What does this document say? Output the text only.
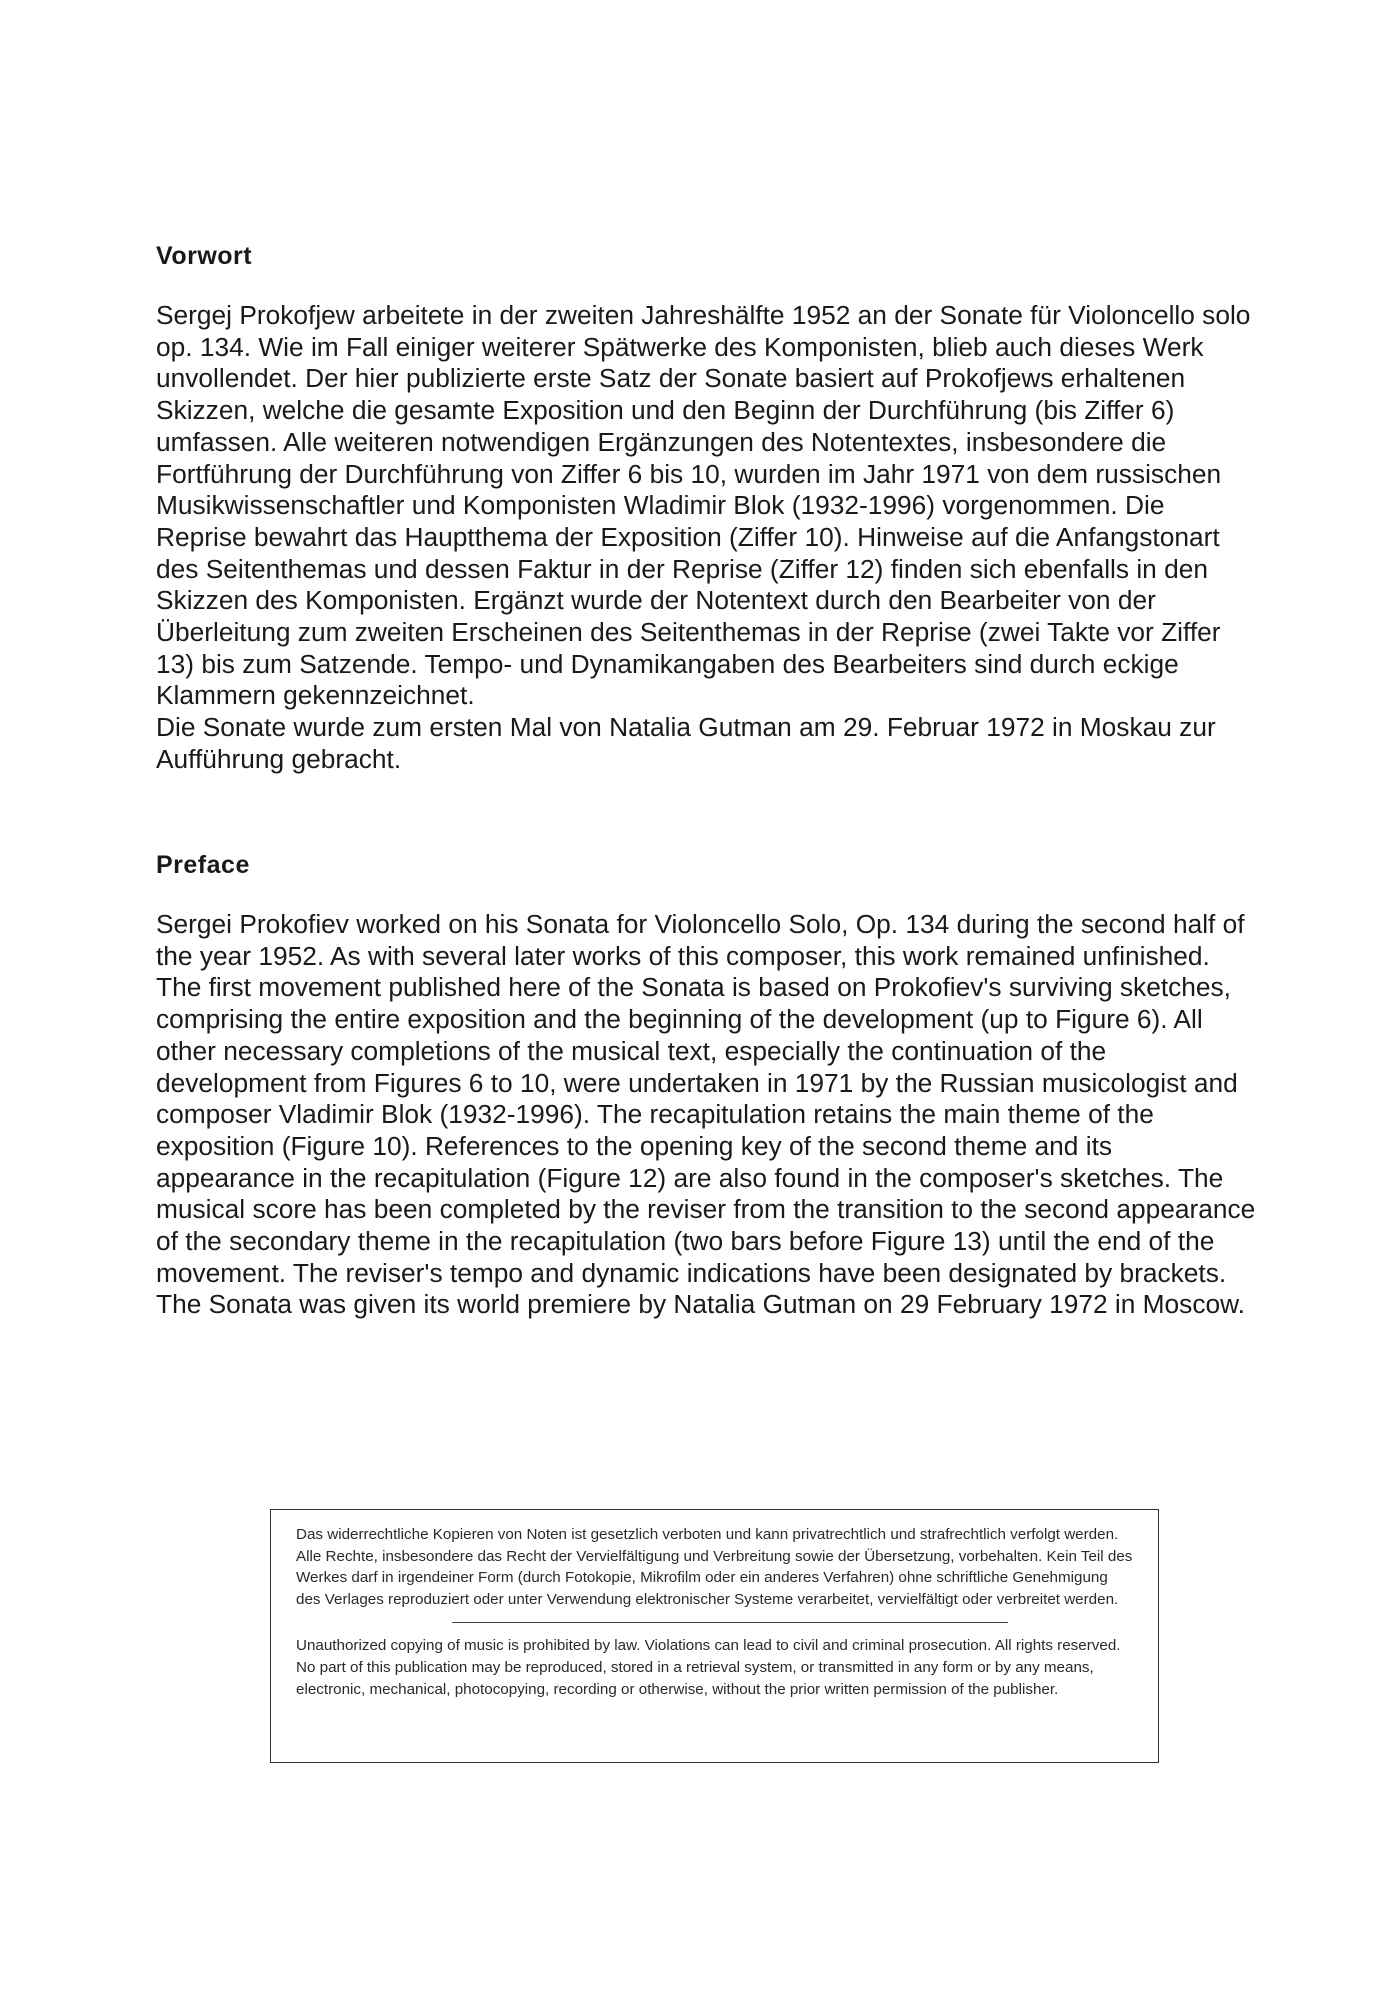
Vorwort

Sergej Prokofjew arbeitete in der zweiten Jahreshälfte 1952 an der Sonate für Violoncello solo op. 134. Wie im Fall einiger weiterer Spätwerke des Komponisten, blieb auch dieses Werk unvollendet. Der hier publizierte erste Satz der Sonate basiert auf Prokofjews erhaltenen Skizzen, welche die gesamte Exposition und den Beginn der Durchführung (bis Ziffer 6) umfassen. Alle weiteren notwendigen Ergänzungen des Notentextes, insbesondere die Fortführung der Durchführung von Ziffer 6 bis 10, wurden im Jahr 1971 von dem russischen Musikwissenschaftler und Komponisten Wladimir Blok (1932-1996) vorgenommen. Die Reprise bewahrt das Hauptthema der Exposition (Ziffer 10). Hinweise auf die Anfangstonart des Seitenthemas und dessen Faktur in der Reprise (Ziffer 12) finden sich ebenfalls in den Skizzen des Komponisten. Ergänzt wurde der Notentext durch den Bearbeiter von der Überleitung zum zweiten Erscheinen des Seitenthemas in der Reprise (zwei Takte vor Ziffer 13) bis zum Satzende. Tempo- und Dynamikangaben des Bearbeiters sind durch eckige Klammern gekennzeichnet.

Die Sonate wurde zum ersten Mal von Natalia Gutman am 29. Februar 1972 in Moskau zur Aufführung gebracht.

Preface

Sergei Prokofiev worked on his Sonata for Violoncello Solo, Op. 134 during the second half of the year 1952. As with several later works of this composer, this work remained unfinished. The first movement published here of the Sonata is based on Prokofiev's surviving sketches, comprising the entire exposition and the beginning of the development (up to Figure 6). All other necessary completions of the musical text, especially the continuation of the development from Figures 6 to 10, were undertaken in 1971 by the Russian musicologist and composer Vladimir Blok (1932-1996). The recapitulation retains the main theme of the exposition (Figure 10). References to the opening key of the second theme and its appearance in the recapitulation (Figure 12) are also found in the composer's sketches. The musical score has been completed by the reviser from the transition to the second appearance of the secondary theme in the recapitulation (two bars before Figure 13) until the end of the movement. The reviser's tempo and dynamic indications have been designated by brackets.

The Sonata was given its world premiere by Natalia Gutman on 29 February 1972 in Moscow.

Das widerrechtliche Kopieren von Noten ist gesetzlich verboten und kann privatrechtlich und strafrechtlich verfolgt werden. Alle Rechte, insbesondere das Recht der Vervielfältigung und Verbreitung sowie der Übersetzung, vorbehalten. Kein Teil des Werkes darf in irgendeiner Form (durch Fotokopie, Mikrofilm oder ein anderes Verfahren) ohne schriftliche Genehmigung des Verlages reproduziert oder unter Verwendung elektronischer Systeme verarbeitet, vervielfältigt oder verbreitet werden.

Unauthorized copying of music is prohibited by law. Violations can lead to civil and criminal prosecution. All rights reserved. No part of this publication may be reproduced, stored in a retrieval system, or transmitted in any form or by any means, electronic, mechanical, photocopying, recording or otherwise, without the prior written permission of the publisher.
